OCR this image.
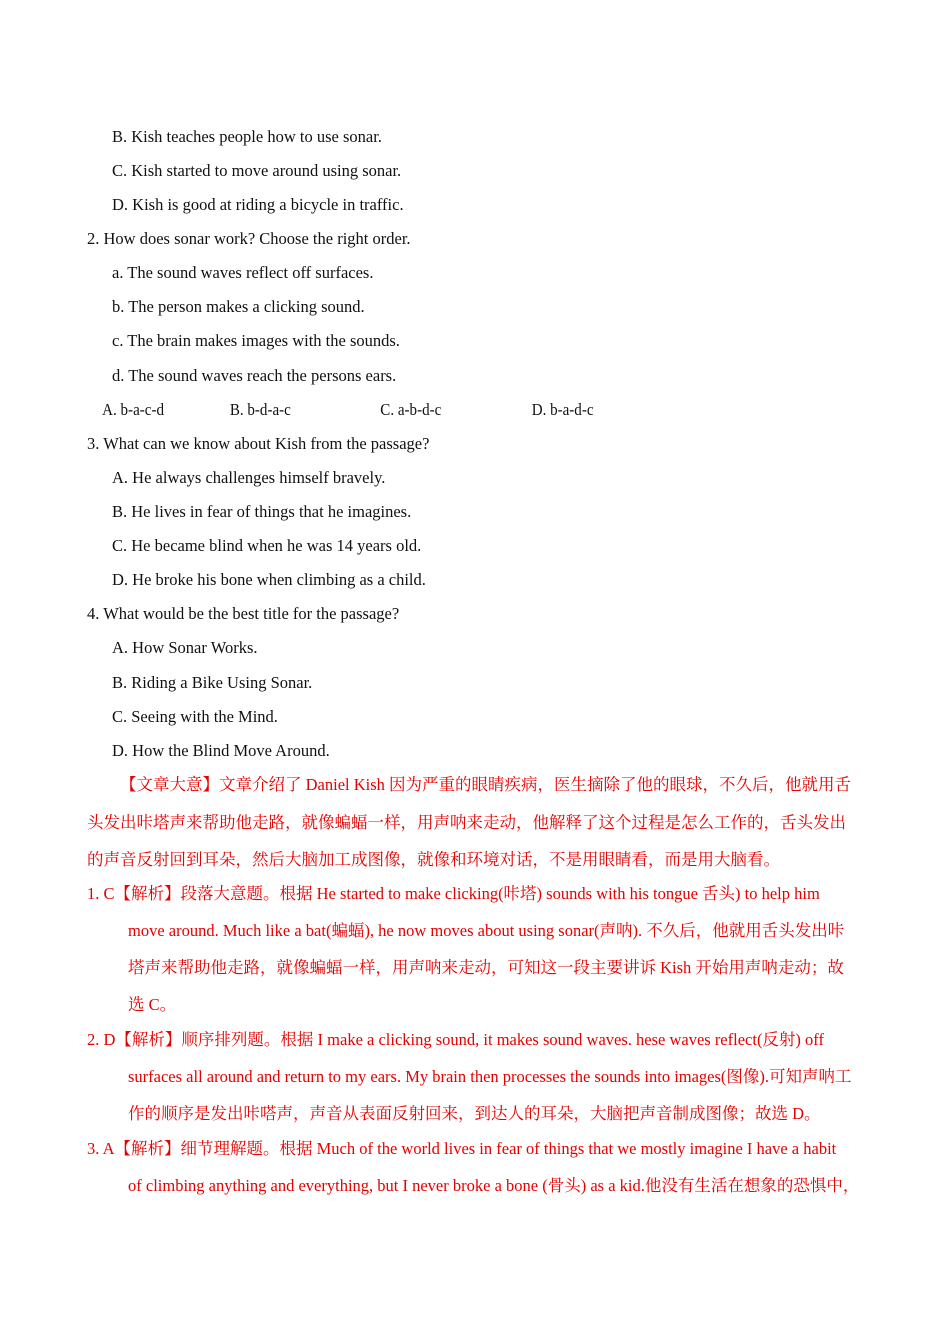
B. Kish teaches people how to use sonar.
C. Kish started to move around using sonar.
D. Kish is good at riding a bicycle in traffic.
2. How does sonar work? Choose the right order.
a. The sound waves reflect off surfaces.
b. The person makes a clicking sound.
c. The brain makes images with the sounds.
d. The sound waves reach the persons ears.
A. b-a-c-d	B. b-d-a-c	C. a-b-d-c	D. b-a-d-c
3. What can we know about Kish from the passage?
A. He always challenges himself bravely.
B. He lives in fear of things that he imagines.
C. He became blind when he was 14 years old.
D. He broke his bone when climbing as a child.
4. What would be the best title for the passage?
A. How Sonar Works.
B. Riding a Bike Using Sonar.
C. Seeing with the Mind.
D. How the Blind Move Around.
【文章大意】文章介绍了 Daniel Kish 因为严重的眼睛疾病，医生摘除了他的眼球，不久后，他就用舌
头发出咔塔声来帮助他走路，就像蝙蝠一样，用声呐来走动，他解释了这个过程是怎么工作的，舌头发出
的声音反射回到耳朵，然后大脑加工成图像，就像和环境对话，不是用眼睛看，而是用大脑看。
1. C【解析】段落大意题。根据 He started to make clicking(咔塔) sounds with his tongue 舌头) to help him
move around. Much like a bat(蝙蝠), he now moves about using sonar(声呐). 不久后，他就用舌头发出咔
塔声来帮助他走路，就像蝙蝠一样，用声呐来走动，可知这一段主要讲诉 Kish 开始用声呐走动；故
选 C。
2. D【解析】顺序排列题。根据 I make a clicking sound, it makes sound waves. hese waves reflect(反射) off
surfaces all around and return to my ears. My brain then processes the sounds into images(图像).可知声呐工
作的顺序是发出咔嗒声，声音从表面反射回来，到达人的耳朵，大脑把声音制成图像；故选 D。
3. A【解析】细节理解题。根据 Much of the world lives in fear of things that we mostly imagine I have a habit
of climbing anything and everything, but I never broke a bone (骨头) as a kid.他没有生活在想象的恐惧中，
